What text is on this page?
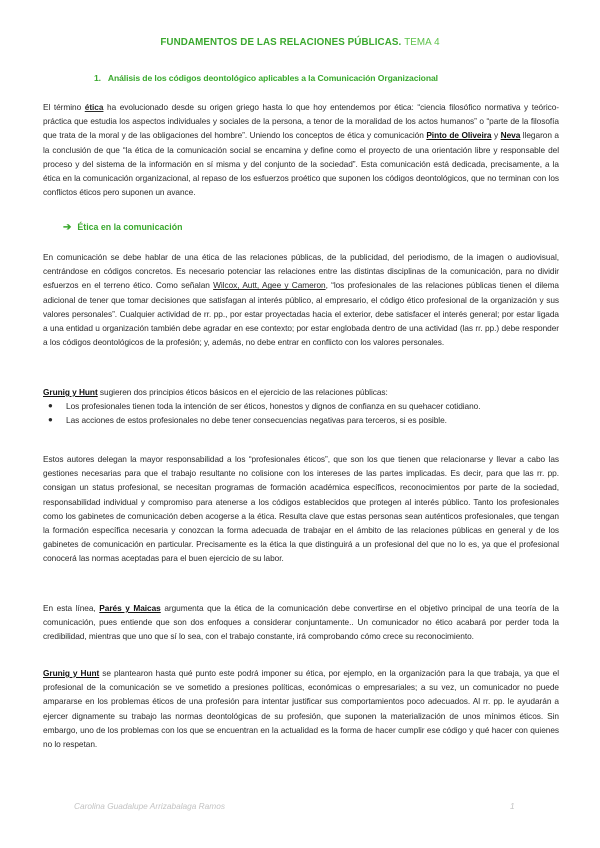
FUNDAMENTOS DE LAS RELACIONES PÚBLICAS. TEMA 4
1. Análisis de los códigos deontológico aplicables a la Comunicación Organizacional
El término ética ha evolucionado desde su origen griego hasta lo que hoy entendemos por ética: “ciencia filosófico normativa y teórico-práctica que estudia los aspectos individuales y sociales de la persona, a tenor de la moralidad de los actos humanos” o “parte de la filosofía que trata de la moral y de las obligaciones del hombre”. Uniendo los conceptos de ética y comunicación Pinto de Oliveira y Neva llegaron a la conclusión de que “la ética de la comunicación social se encamina y define como el proyecto de una orientación libre y responsable del proceso y del sistema de la información en sí misma y del conjunto de la sociedad”. Esta comunicación está dedicada, precisamente, a la ética en la comunicación organizacional, al repaso de los esfuerzos proético que suponen los códigos deontológicos, que no terminan con los conflictos éticos pero suponen un avance.
➔ Ética en la comunicación
En comunicación se debe hablar de una ética de las relaciones públicas, de la publicidad, del periodismo, de la imagen o audiovisual, centrándose en códigos concretos. Es necesario potenciar las relaciones entre las distintas disciplinas de la comunicación, para no dividir esfuerzos en el terreno ético. Como señalan Wilcox, Autt, Agee y Cameron, “los profesionales de las relaciones públicas tienen el dilema adicional de tener que tomar decisiones que satisfagan al interés público, al empresario, el código ético profesional de la organización y sus valores personales”. Cualquier actividad de rr. pp., por estar proyectadas hacia el exterior, debe satisfacer el interés general; por estar ligada a una entidad u organización también debe agradar en ese contexto; por estar englobada dentro de una actividad (las rr. pp.) debe responder a los códigos deontológicos de la profesión; y, además, no debe entrar en conflicto con los valores personales.
Grunig y Hunt sugieren dos principios éticos básicos en el ejercicio de las relaciones públicas:
● Los profesionales tienen toda la intención de ser éticos, honestos y dignos de confianza en su quehacer cotidiano.
● Las acciones de estos profesionales no debe tener consecuencias negativas para terceros, si es posible.
Estos autores delegan la mayor responsabilidad a los “profesionales éticos”, que son los que tienen que relacionarse y llevar a cabo las gestiones necesarias para que el trabajo resultante no colisione con los intereses de las partes implicadas. Es decir, para que las rr. pp. consigan un status profesional, se necesitan programas de formación académica específicos, reconocimientos por parte de la sociedad, responsabilidad individual y compromiso para atenerse a los códigos establecidos que protegen al interés público. Tanto los profesionales como los gabinetes de comunicación deben acogerse a la ética. Resulta clave que estas personas sean auténticos profesionales, que tengan la formación específica necesaria y conozcan la forma adecuada de trabajar en el ámbito de las relaciones públicas en general y de los gabinetes de comunicación en particular. Precisamente es la ética la que distinguirá a un profesional del que no lo es, ya que el profesional conocerá las normas aceptadas para el buen ejercicio de su labor.
En esta línea, Parés y Maicas argumenta que la ética de la comunicación debe convertirse en el objetivo principal de una teoría de la comunicación, pues entiende que son dos enfoques a considerar conjuntamente.. Un comunicador no ético acabará por perder toda la credibilidad, mientras que uno que sí lo sea, con el trabajo constante, irá comprobando cómo crece su reconocimiento.
Grunig y Hunt se plantearon hasta qué punto este podrá imponer su ética, por ejemplo, en la organización para la que trabaja, ya que el profesional de la comunicación se ve sometido a presiones políticas, económicas o empresariales; a su vez, un comunicador no puede ampararse en los problemas éticos de una profesión para intentar justificar sus comportamientos poco adecuados. Al rr. pp. le ayudarán a ejercer dignamente su trabajo las normas deontológicas de su profesión, que suponen la materialización de unos mínimos éticos. Sin embargo, uno de los problemas con los que se encuentran en la actualidad es la forma de hacer cumplir ese código y qué hacer con quienes no lo respetan.
Carolina Guadalupe Arrizabalaga Ramos	1
